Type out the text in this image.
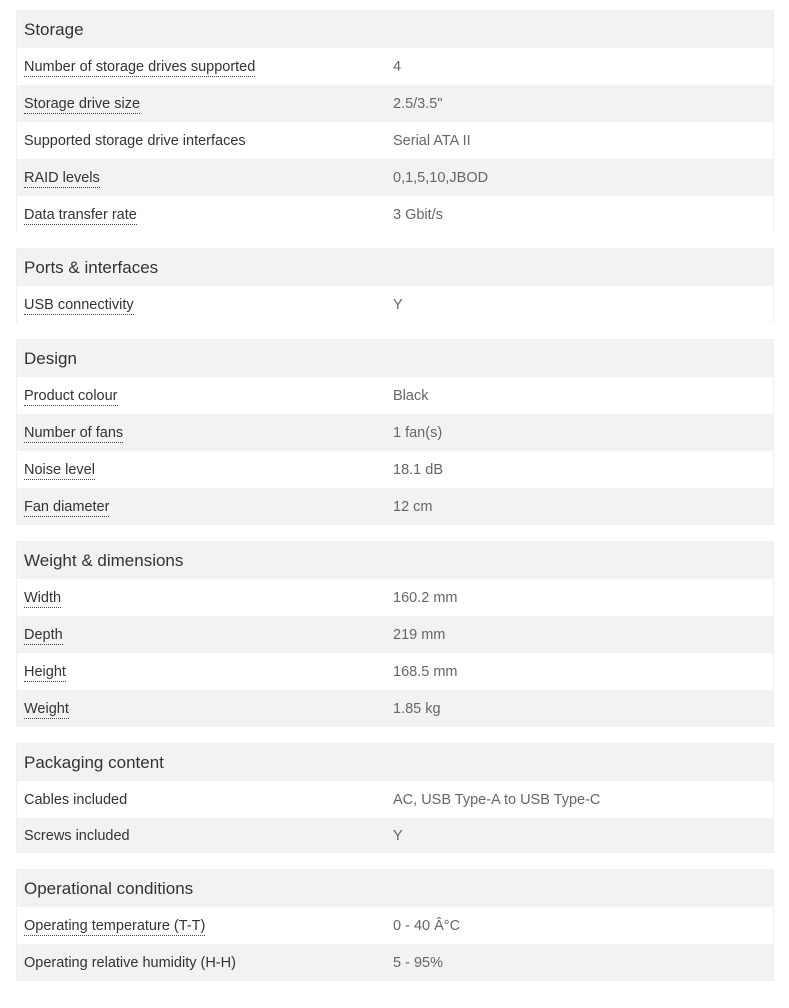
Storage
Number of storage drives supported	4
Storage drive size	2.5/3.5"
Supported storage drive interfaces	Serial ATA II
RAID levels	0,1,5,10,JBOD
Data transfer rate	3 Gbit/s
Ports & interfaces
USB connectivity	Y
Design
Product colour	Black
Number of fans	1 fan(s)
Noise level	18.1 dB
Fan diameter	12 cm
Weight & dimensions
Width	160.2 mm
Depth	219 mm
Height	168.5 mm
Weight	1.85 kg
Packaging content
Cables included	AC, USB Type-A to USB Type-C
Screws included	Y
Operational conditions
Operating temperature (T-T)	0 - 40 Â°C
Operating relative humidity (H-H)	5 - 95%
